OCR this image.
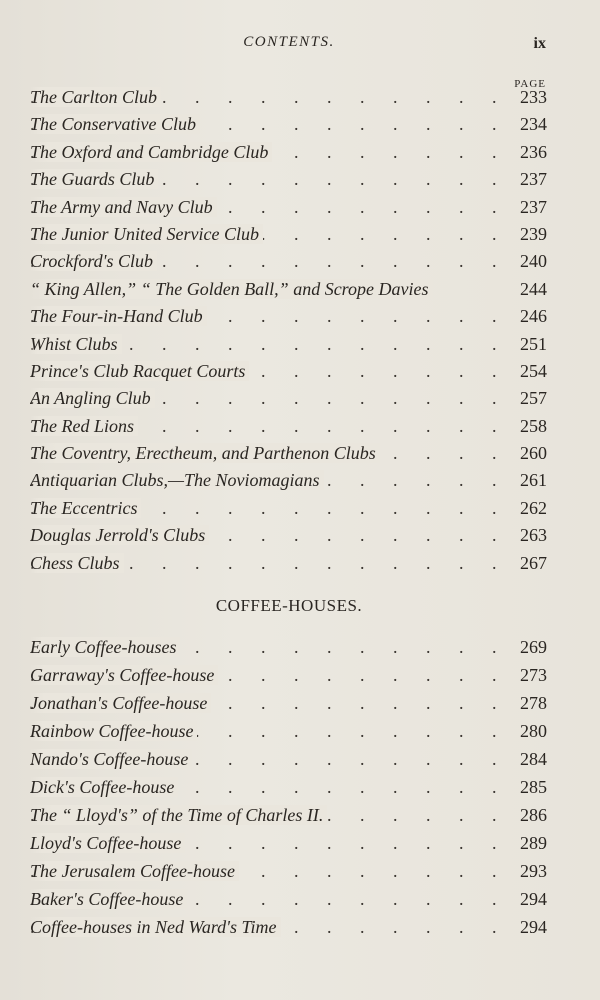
CONTENTS.	ix
PAGE
The Carlton Club . . .	233
The Conservative Club . . .	234
The Oxford and Cambridge Club . . .	236
The Guards Club . . .	237
The Army and Navy Club . . .	237
The Junior United Service Club . . .	239
Crockford's Club . . .	240
“ King Allen,” “ The Golden Ball,” and Scrope Davies	244
The Four-in-Hand Club . . .	246
Whist Clubs . . .	251
Prince's Club Racquet Courts . . .	254
An Angling Club . . .	257
The Red Lions . . .	258
The Coventry, Erectheum, and Parthenon Clubs . . .	260
Antiquarian Clubs,—The Noviomagians . . .	261
The Eccentrics . . .	262
Douglas Jerrold's Clubs . . .	263
Chess Clubs . . .	267
COFFEE-HOUSES.
Early Coffee-houses . . .	269
Garraway's Coffee-house . . .	273
Jonathan's Coffee-house . . .	278
Rainbow Coffee-house . . .	280
Nando's Coffee-house . . .	284
Dick's Coffee-house . . .	285
The “ Lloyd's” of the Time of Charles II. . . .	286
Lloyd's Coffee-house . . .	289
The Jerusalem Coffee-house . . .	293
Baker's Coffee-house . . .	294
Coffee-houses in Ned Ward's Time . . .	294
